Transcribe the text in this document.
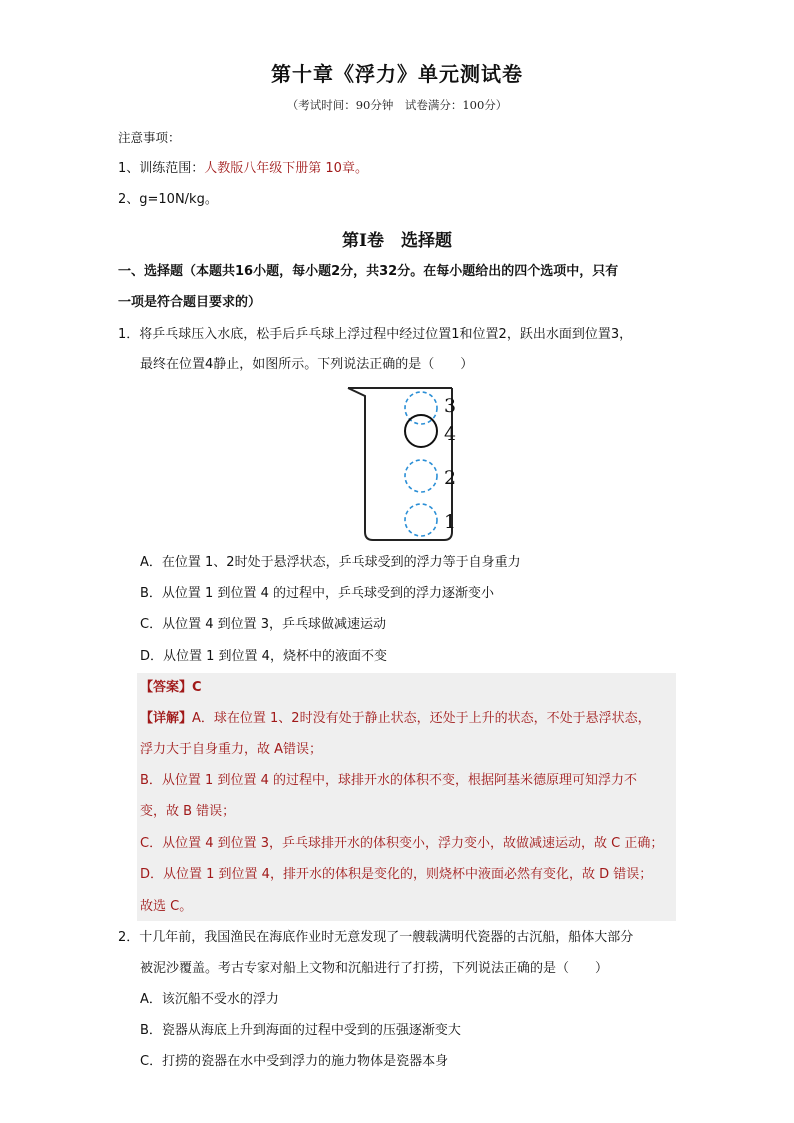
第十章《浮力》单元测试卷
（考试时间：90分钟　试卷满分：100分）
注意事项：
1、训练范围：人教版八年级下册第 10章。
2、g=10N/kg。
第Ⅰ卷　选择题
一、选择题（本题共16小题，每小题2分，共32分。在每小题给出的四个选项中，只有
一项是符合题目要求的）
1．将乒乓球压入水底，松手后乒乓球上浮过程中经过位置1和位置2，跃出水面到位置3，
最终在位置4静止，如图所示。下列说法正确的是（　　）
3
4
2
1
A．在位置 1、2时处于悬浮状态，乒乓球受到的浮力等于自身重力
B．从位置 1 到位置 4 的过程中，乒乓球受到的浮力逐渐变小
C．从位置 4 到位置 3，乒乓球做减速运动
D．从位置 1 到位置 4，烧杯中的液面不变
【答案】C
【详解】A．球在位置 1、2时没有处于静止状态，还处于上升的状态，不处于悬浮状态，
浮力大于自身重力，故 A错误；
B．从位置 1 到位置 4 的过程中，球排开水的体积不变，根据阿基米德原理可知浮力不
变，故 B 错误；
C．从位置 4 到位置 3，乒乓球排开水的体积变小，浮力变小，故做减速运动，故 C 正确；
D．从位置 1 到位置 4，排开水的体积是变化的，则烧杯中液面必然有变化，故 D 错误；
故选 C。
2．十几年前，我国渔民在海底作业时无意发现了一艘载满明代瓷器的古沉船，船体大部分
被泥沙覆盖。考古专家对船上文物和沉船进行了打捞，下列说法正确的是（　　）
A．该沉船不受水的浮力
B．瓷器从海底上升到海面的过程中受到的压强逐渐变大
C．打捞的瓷器在水中受到浮力的施力物体是瓷器本身
